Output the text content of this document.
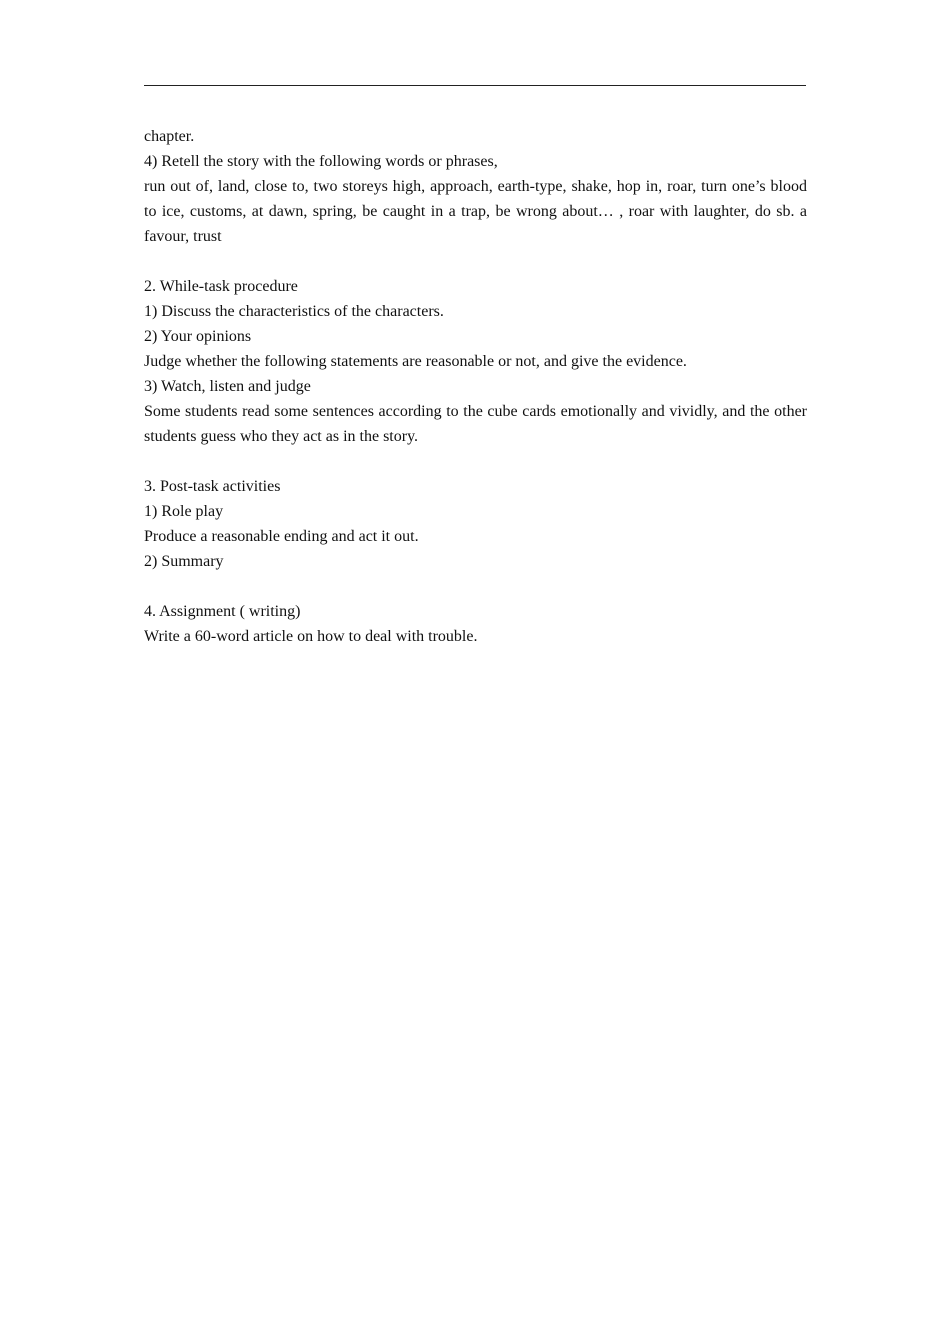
chapter.
4) Retell the story with the following words or phrases,
run out of, land, close to, two storeys high, approach, earth-type, shake, hop in, roar, turn one’s blood to ice, customs, at dawn, spring, be caught in a trap, be wrong about… , roar with laughter, do sb. a favour, trust
2. While-task procedure
1) Discuss the characteristics of the characters.
2) Your opinions
Judge whether the following statements are reasonable or not, and give the evidence.
3) Watch, listen and judge
Some students read some sentences according to the cube cards emotionally and vividly, and the other students guess who they act as in the story.
3. Post-task activities
1) Role play
Produce a reasonable ending and act it out.
2) Summary
4. Assignment ( writing)
Write a 60-word article on how to deal with trouble.
